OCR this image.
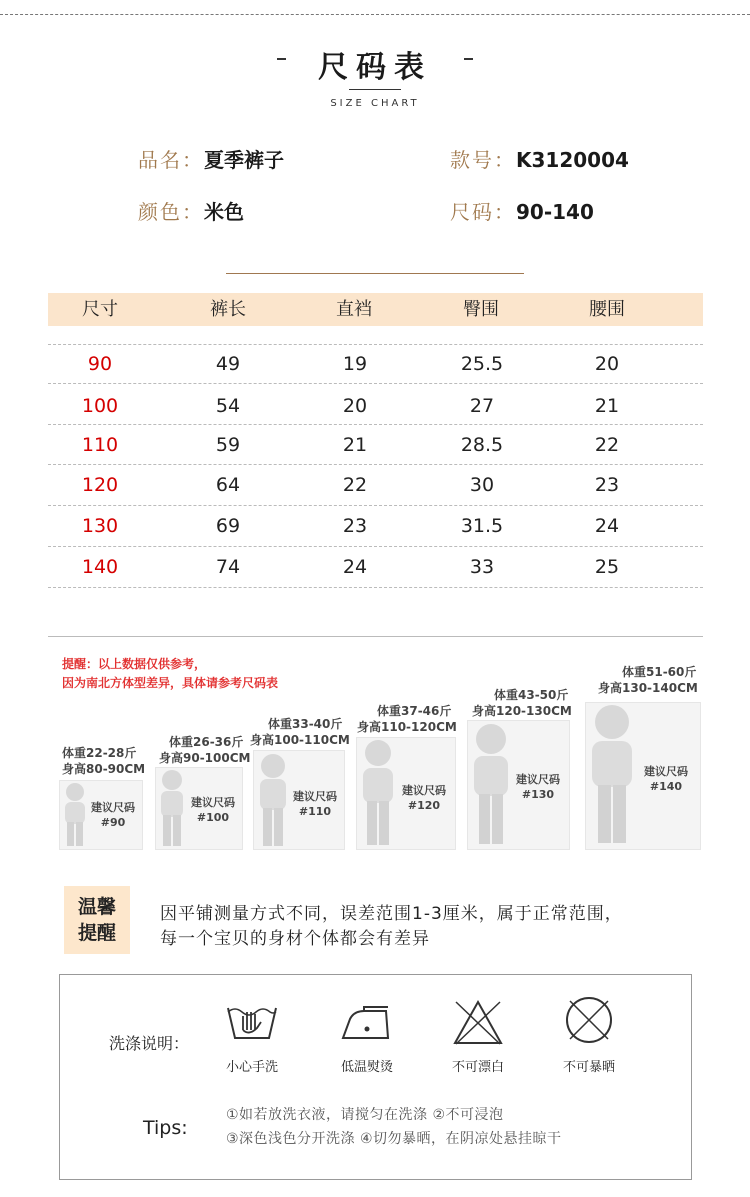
尺码表
SIZE CHART
品名：夏季裤子	款号：K3120004
颜色：米色	尺码：90-140
尺寸	裤长	直裆	臀围	腰围
90	49	19	25.5	20
100	54	20	27	21
110	59	21	28.5	22
120	64	22	30	23
130	69	23	31.5	24
140	74	24	33	25
提醒：以上数据仅供参考，
因为南北方体型差异，具体请参考尺码表
体重22-28斤
身高80-90CM
建议尺码
#90
体重26-36斤
身高90-100CM
建议尺码
#100
体重33-40斤
身高100-110CM
建议尺码
#110
体重37-46斤
身高110-120CM
建议尺码
#120
体重43-50斤
身高120-130CM
建议尺码
#130
体重51-60斤
身高130-140CM
建议尺码
#140
温馨
提醒
因平铺测量方式不同，误差范围1-3厘米，属于正常范围，
每一个宝贝的身材个体都会有差异
洗涤说明：
小心手洗	低温熨烫	不可漂白	不可暴晒
Tips:
①如若放洗衣液，请搅匀在洗涤 ②不可浸泡
③深色浅色分开洗涤 ④切勿暴晒，在阴凉处悬挂晾干
